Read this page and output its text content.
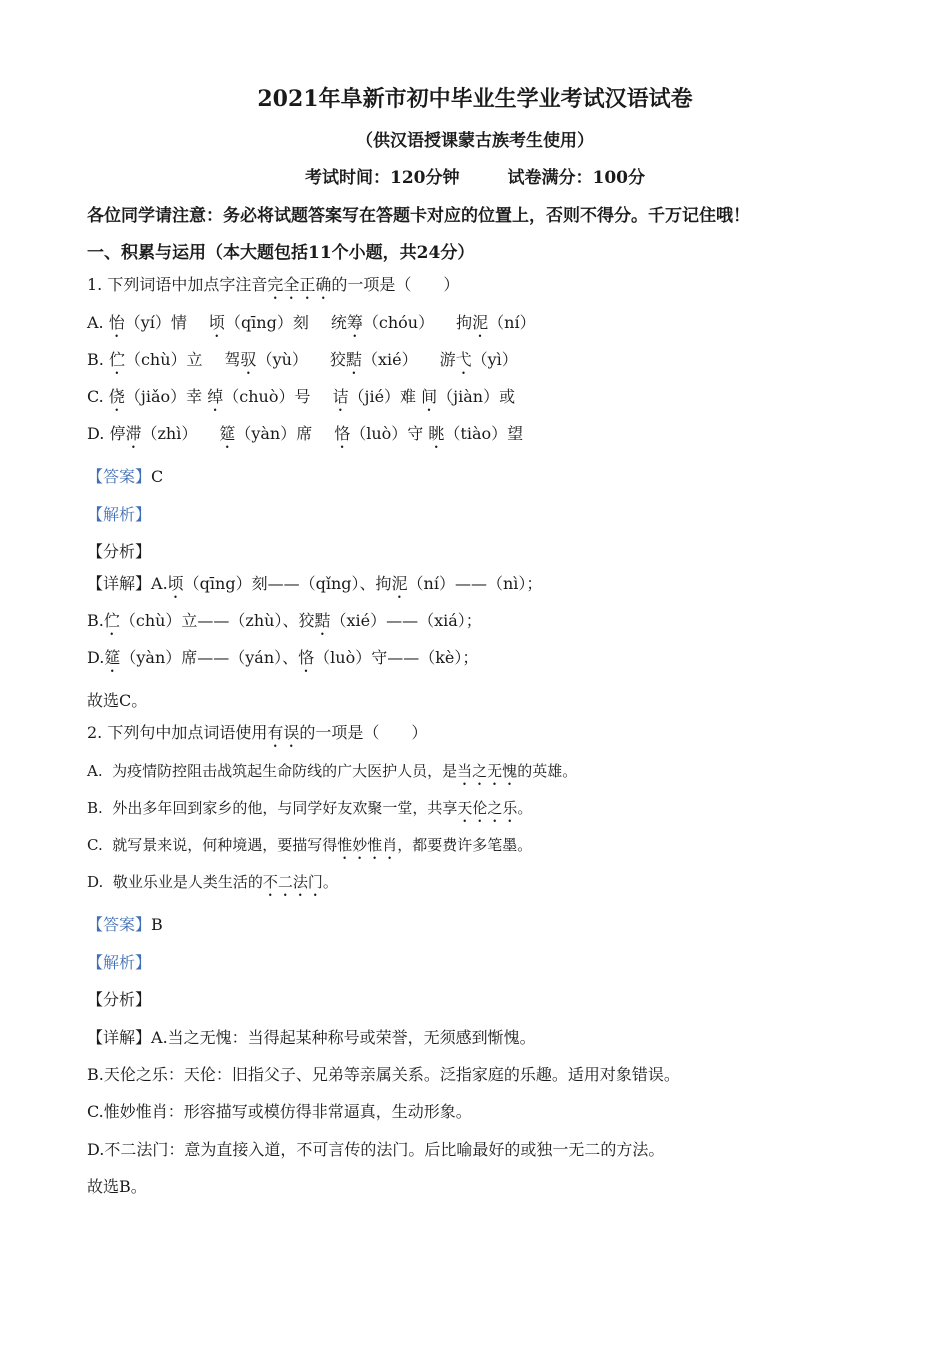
2021年阜新市初中毕业生学业考试汉语试卷
（供汉语授课蒙古族考生使用）
考试时间：120分钟	试卷满分：100分
各位同学请注意：务必将试题答案写在答题卡对应的位置上，否则不得分。千万记住哦！
一、积累与运用（本大题包括11个小题，共24分）
1. 下列词语中加点字注音完全正确的一项是（　　）
A. 怡（yí）情 顷（qīng）刻 统筹（chóu） 拘泥（ní）
B. 伫（chù）立 驾驭（yù） 狡黠（xié） 游弋（yì）
C. 侥（jiǎo）幸 绰（chuò）号 诘（jié）难 间（jiàn）或
D. 停滞（zhì） 筵（yàn）席 恪（luò）守 眺（tiào）望
【答案】C
【解析】
【分析】
【详解】A.顷（qīng）刻——（qǐng）、拘泥（ní）——（nì）；
B.伫（chù）立——（zhù）、狡黠（xié）——（xiá）；
D.筵（yàn）席——（yán）、恪（luò）守——（kè）；
故选C。
2. 下列句中加点词语使用有误的一项是（　　）
A. 为疫情防控阻击战筑起生命防线的广大医护人员，是当之无愧的英雄。
B. 外出多年回到家乡的他，与同学好友欢聚一堂，共享天伦之乐。
C. 就写景来说，何种境遇，要描写得惟妙惟肖，都要费许多笔墨。
D. 敬业乐业是人类生活的不二法门。
【答案】B
【解析】
【分析】
【详解】A.当之无愧：当得起某种称号或荣誉，无须感到惭愧。
B.天伦之乐：天伦：旧指父子、兄弟等亲属关系。泛指家庭的乐趣。适用对象错误。
C.惟妙惟肖：形容描写或模仿得非常逼真，生动形象。
D.不二法门：意为直接入道，不可言传的法门。后比喻最好的或独一无二的方法。
故选B。
